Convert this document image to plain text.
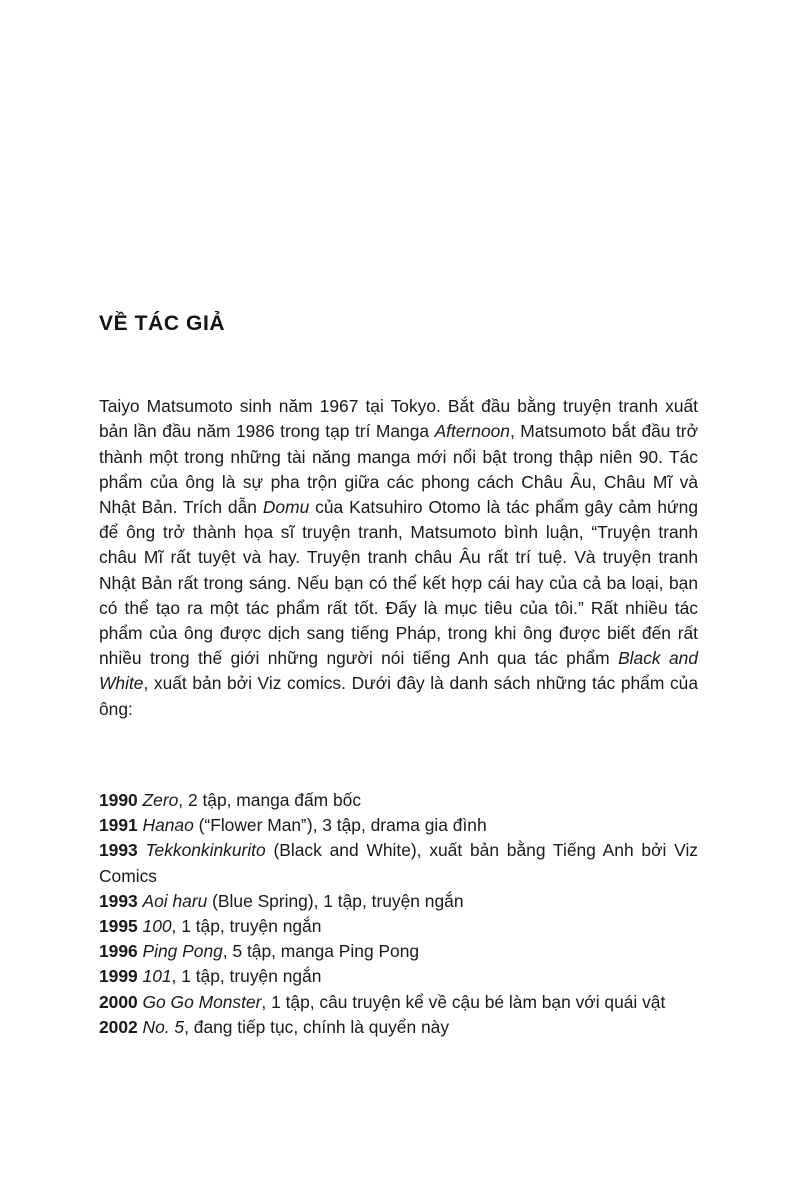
VỀ TÁC GIẢ

Taiyo Matsumoto sinh năm 1967 tại Tokyo. Bắt đầu bằng truyện tranh xuất bản lần đầu năm 1986 trong tạp trí Manga Afternoon, Matsumoto bắt đầu trở thành một trong những tài năng manga mới nổi bật trong thập niên 90. Tác phẩm của ông là sự pha trộn giữa các phong cách Châu Âu, Châu Mĩ và Nhật Bản. Trích dẫn Domu của Katsuhiro Otomo là tác phẩm gây cảm hứng để ông trở thành họa sĩ truyện tranh, Matsumoto bình luận, “Truyện tranh châu Mĩ rất tuyệt và hay. Truyện tranh châu Âu rất trí tuệ. Và truyện tranh Nhật Bản rất trong sáng. Nếu bạn có thể kết hợp cái hay của cả ba loại, bạn có thể tạo ra một tác phẩm rất tốt. Đấy là mục tiêu của tôi.” Rất nhiều tác phẩm của ông được dịch sang tiếng Pháp, trong khi ông được biết đến rất nhiều trong thế giới những người nói tiếng Anh qua tác phẩm Black and White, xuất bản bởi Viz comics. Dưới đây là danh sách những tác phẩm của ông:

1990 Zero, 2 tập, manga đấm bốc
1991 Hanao (“Flower Man‟), 3 tập, drama gia đình
1993 Tekkonkinkurito (Black and White), xuất bản bằng Tiếng Anh bởi Viz Comics
1993 Aoi haru (Blue Spring), 1 tập, truyện ngắn
1995 100, 1 tập, truyện ngắn
1996 Ping Pong, 5 tập, manga Ping Pong
1999 101, 1 tập, truyện ngắn
2000 Go Go Monster, 1 tập, câu truyện kể về cậu bé làm bạn với quái vật
2002 No. 5, đang tiếp tục, chính là quyển này
